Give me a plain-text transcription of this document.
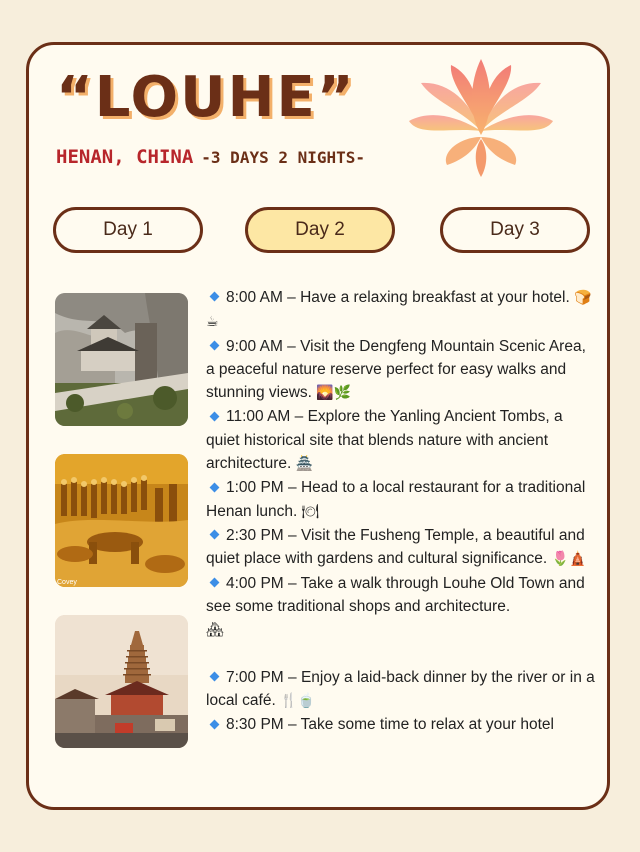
“LOUHE”
HENAN, CHINA -3 DAYS 2 NIGHTS-
Day 1	Day 2	Day 3
Covey

8:00 AM – Have a relaxing breakfast at your hotel. 🍞☕

9:00 AM – Visit the Dengfeng Mountain Scenic Area, a peaceful nature reserve perfect for easy walks and stunning views. 🌄🌿

11:00 AM – Explore the Yanling Ancient Tombs, a quiet historical site that blends nature with ancient architecture. 🏯

1:00 PM – Head to a local restaurant for a traditional Henan lunch. 🍽

2:30 PM – Visit the Fusheng Temple, a beautiful and quiet place with gardens and cultural significance. 🌷🛕

4:00 PM – Take a walk through Louhe Old Town and see some traditional shops and architecture.
🏘

7:00 PM – Enjoy a laid-back dinner by the river or in a local café. 🍴🍵

8:30 PM – Take some time to relax at your hotel
